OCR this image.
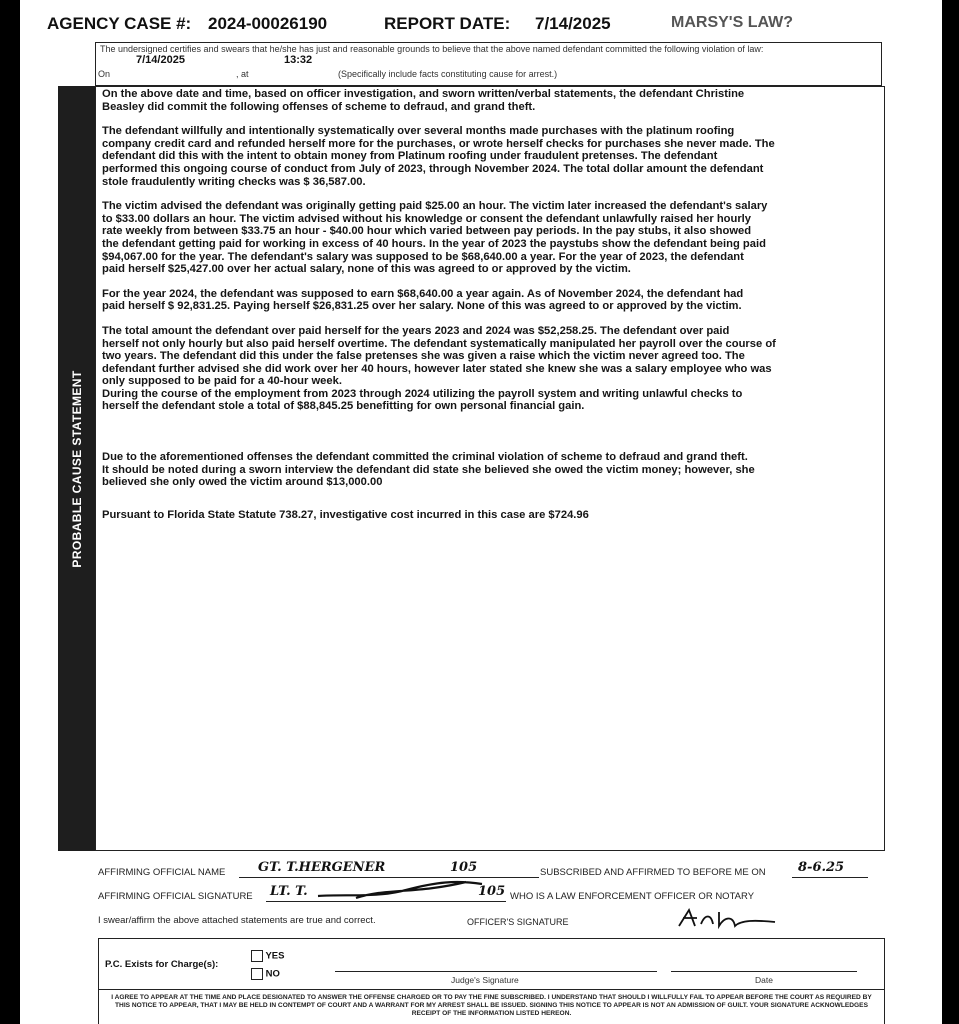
AGENCY CASE #: 2024-00026190	REPORT DATE: 7/14/2025	MARSY'S LAW?
The undersigned certifies and swears that he/she has just and reasonable grounds to believe that the above named defendant committed the following violation of law:
7/14/2025	13:32
On	, at	(Specifically include facts constituting cause for arrest.)
PROBABLE CAUSE STATEMENT

On the above date and time, based on officer investigation, and sworn written/verbal statements, the defendant Christine
Beasley did commit the following offenses of scheme to defraud, and grand theft.

The defendant willfully and intentionally systematically over several months made purchases with the platinum roofing
company credit card and refunded herself more for the purchases, or wrote herself checks for purchases she never made. The
defendant did this with the intent to obtain money from Platinum roofing under fraudulent pretenses. The defendant
performed this ongoing course of conduct from July of 2023, through November 2024. The total dollar amount the defendant
stole fraudulently writing checks was $ 36,587.00.

The victim advised the defendant was originally getting paid $25.00 an hour. The victim later increased the defendant's salary
to $33.00 dollars an hour. The victim advised without his knowledge or consent the defendant unlawfully raised her hourly
rate weekly from between $33.75 an hour - $40.00 hour which varied between pay periods. In the pay stubs, it also showed
the defendant getting paid for working in excess of 40 hours. In the year of 2023 the paystubs show the defendant being paid
$94,067.00 for the year. The defendant's salary was supposed to be $68,640.00 a year. For the year of 2023, the defendant
paid herself $25,427.00 over her actual salary, none of this was agreed to or approved by the victim.

For the year 2024, the defendant was supposed to earn $68,640.00 a year again. As of November 2024, the defendant had
paid herself $ 92,831.25. Paying herself $26,831.25 over her salary. None of this was agreed to or approved by the victim.

The total amount the defendant over paid herself for the years 2023 and 2024 was $52,258.25. The defendant over paid
herself not only hourly but also paid herself overtime. The defendant systematically manipulated her payroll over the course of
two years. The defendant did this under the false pretenses she was given a raise which the victim never agreed too. The
defendant further advised she did work over her 40 hours, however later stated she knew she was a salary employee who was
only supposed to be paid for a 40-hour week.
During the course of the employment from 2023 through 2024 utilizing the payroll system and writing unlawful checks to
herself the defendant stole a total of $88,845.25 benefitting for own personal financial gain.

Due to the aforementioned offenses the defendant committed the criminal violation of scheme to defraud and grand theft.
It should be noted during a sworn interview the defendant did state she believed she owed the victim money; however, she
believed she only owed the victim around $13,000.00

Pursuant to Florida State Statute 738.27, investigative cost incurred in this case are $724.96

AFFIRMING OFFICIAL NAME	GT. T.HERGENER	105	SUBSCRIBED AND AFFIRMED TO BEFORE ME ON 8-6.25
AFFIRMING OFFICIAL SIGNATURE LT. T.	105 WHO IS A LAW ENFORCEMENT OFFICER OR NOTARY
I swear/affirm the above attached statements are true and correct.	OFFICER'S SIGNATURE
P.C. Exists for Charge(s):
YES
NO
Judge's Signature	Date
I AGREE TO APPEAR AT THE TIME AND PLACE DESIGNATED TO ANSWER THE OFFENSE CHARGED OR TO PAY THE FINE SUBSCRIBED. I UNDERSTAND THAT SHOULD I WILLFULLY FAIL TO APPEAR BEFORE THE COURT AS REQUIRED BY THIS NOTICE TO APPEAR, THAT I MAY BE HELD IN CONTEMPT OF COURT AND A WARRANT FOR MY ARREST SHALL BE ISSUED. SIGNING THIS NOTICE TO APPEAR IS NOT AN ADMISSION OF GUILT. YOUR SIGNATURE ACKNOWLEDGES RECEIPT OF THE INFORMATION LISTED HEREON.
